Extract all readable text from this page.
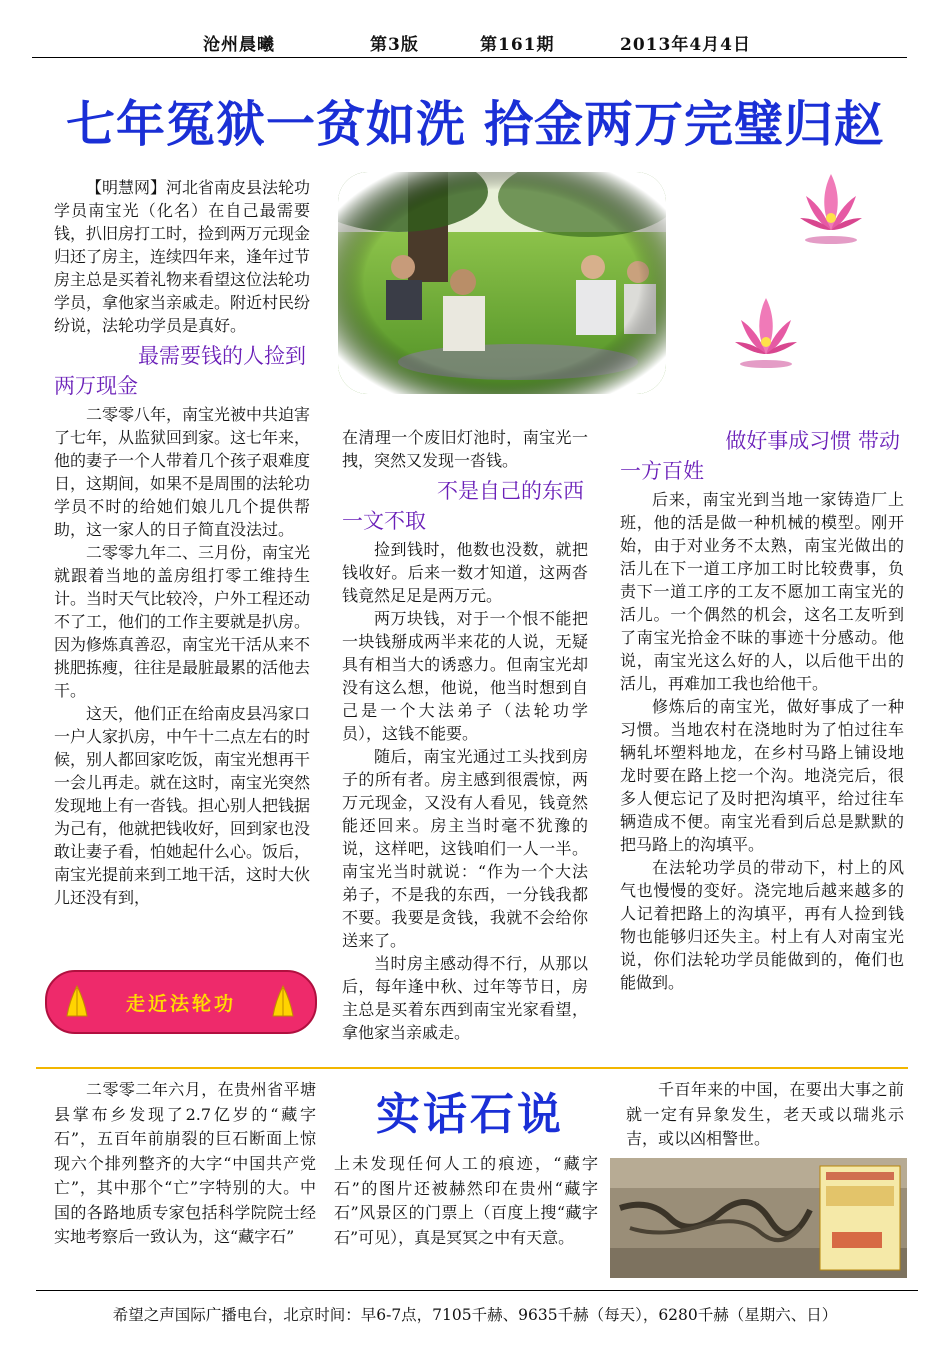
沧州晨曦	第3版	第161期	2013年4月4日
七年冤狱一贫如洗 拾金两万完璧归赵

【明慧网】河北省南皮县法轮功学员南宝光（化名）在自己最需要钱，扒旧房打工时，捡到两万元现金归还了房主，连续四年来，逢年过节房主总是买着礼物来看望这位法轮功学员，拿他家当亲戚走。附近村民纷纷说，法轮功学员是真好。

最需要钱的人捡到
两万现金

二零零八年，南宝光被中共迫害了七年，从监狱回到家。这七年来，他的妻子一个人带着几个孩子艰难度日，这期间，如果不是周围的法轮功学员不时的给她们娘儿几个提供帮助，这一家人的日子简直没法过。

二零零九年二、三月份，南宝光就跟着当地的盖房组打零工维持生计。当时天气比较冷，户外工程还动不了工，他们的工作主要就是扒房。因为修炼真善忍，南宝光干活从来不挑肥拣瘦，往往是最脏最累的活他去干。

这天，他们正在给南皮县冯家口一户人家扒房，中午十二点左右的时候，别人都回家吃饭，南宝光想再干一会儿再走。就在这时，南宝光突然发现地上有一沓钱。担心别人把钱据为己有，他就把钱收好，回到家也没敢让妻子看，怕她起什么心。饭后，南宝光提前来到工地干活，这时大伙儿还没有到，

走近法轮功

在清理一个废旧灯池时，南宝光一拽，突然又发现一沓钱。

不是自己的东西
一文不取

捡到钱时，他数也没数，就把钱收好。后来一数才知道，这两沓钱竟然足足是两万元。

两万块钱，对于一个恨不能把一块钱掰成两半来花的人说，无疑具有相当大的诱惑力。但南宝光却没有这么想，他说，他当时想到自己是一个大法弟子（法轮功学员），这钱不能要。

随后，南宝光通过工头找到房子的所有者。房主感到很震惊，两万元现金，又没有人看见，钱竟然能还回来。房主当时毫不犹豫的说，这样吧，这钱咱们一人一半。南宝光当时就说：“作为一个大法弟子，不是我的东西，一分钱我都不要。我要是贪钱，我就不会给你送来了。

当时房主感动得不行，从那以后，每年逢中秋、过年等节日，房主总是买着东西到南宝光家看望，拿他家当亲戚走。

做好事成习惯 带动
一方百姓

后来，南宝光到当地一家铸造厂上班，他的活是做一种机械的模型。刚开始，由于对业务不太熟，南宝光做出的活儿在下一道工序加工时比较费事，负责下一道工序的工友不愿加工南宝光的活儿。一个偶然的机会，这名工友听到了南宝光拾金不昧的事迹十分感动。他说，南宝光这么好的人，以后他干出的活儿，再难加工我也给他干。

修炼后的南宝光，做好事成了一种习惯。当地农村在浇地时为了怕过往车辆轧坏塑料地龙，在乡村马路上铺设地龙时要在路上挖一个沟。地浇完后，很多人便忘记了及时把沟填平，给过往车辆造成不便。南宝光看到后总是默默的把马路上的沟填平。

在法轮功学员的带动下，村上的风气也慢慢的变好。浇完地后越来越多的人记着把路上的沟填平，再有人捡到钱物也能够归还失主。村上有人对南宝光说，你们法轮功学员能做到的，俺们也能做到。

二零零二年六月，在贵州省平塘县掌布乡发现了2.7亿岁的“藏字石”，五百年前崩裂的巨石断面上惊现六个排列整齐的大字“中国共产党亡”，其中那个“亡”字特别的大。中国的各路地质专家包括科学院院士经实地考察后一致认为，这“藏字石”

实话石说

上未发现任何人工的痕迹，“藏字石”的图片还被赫然印在贵州“藏字石”风景区的门票上（百度上搜“藏字石”可见），真是冥冥之中有天意。

千百年来的中国，在要出大事之前就一定有异象发生，老天或以瑞兆示吉，或以凶相警世。

希望之声国际广播电台，北京时间：早6-7点，7105千赫、9635千赫（每天），6280千赫（星期六、日）
